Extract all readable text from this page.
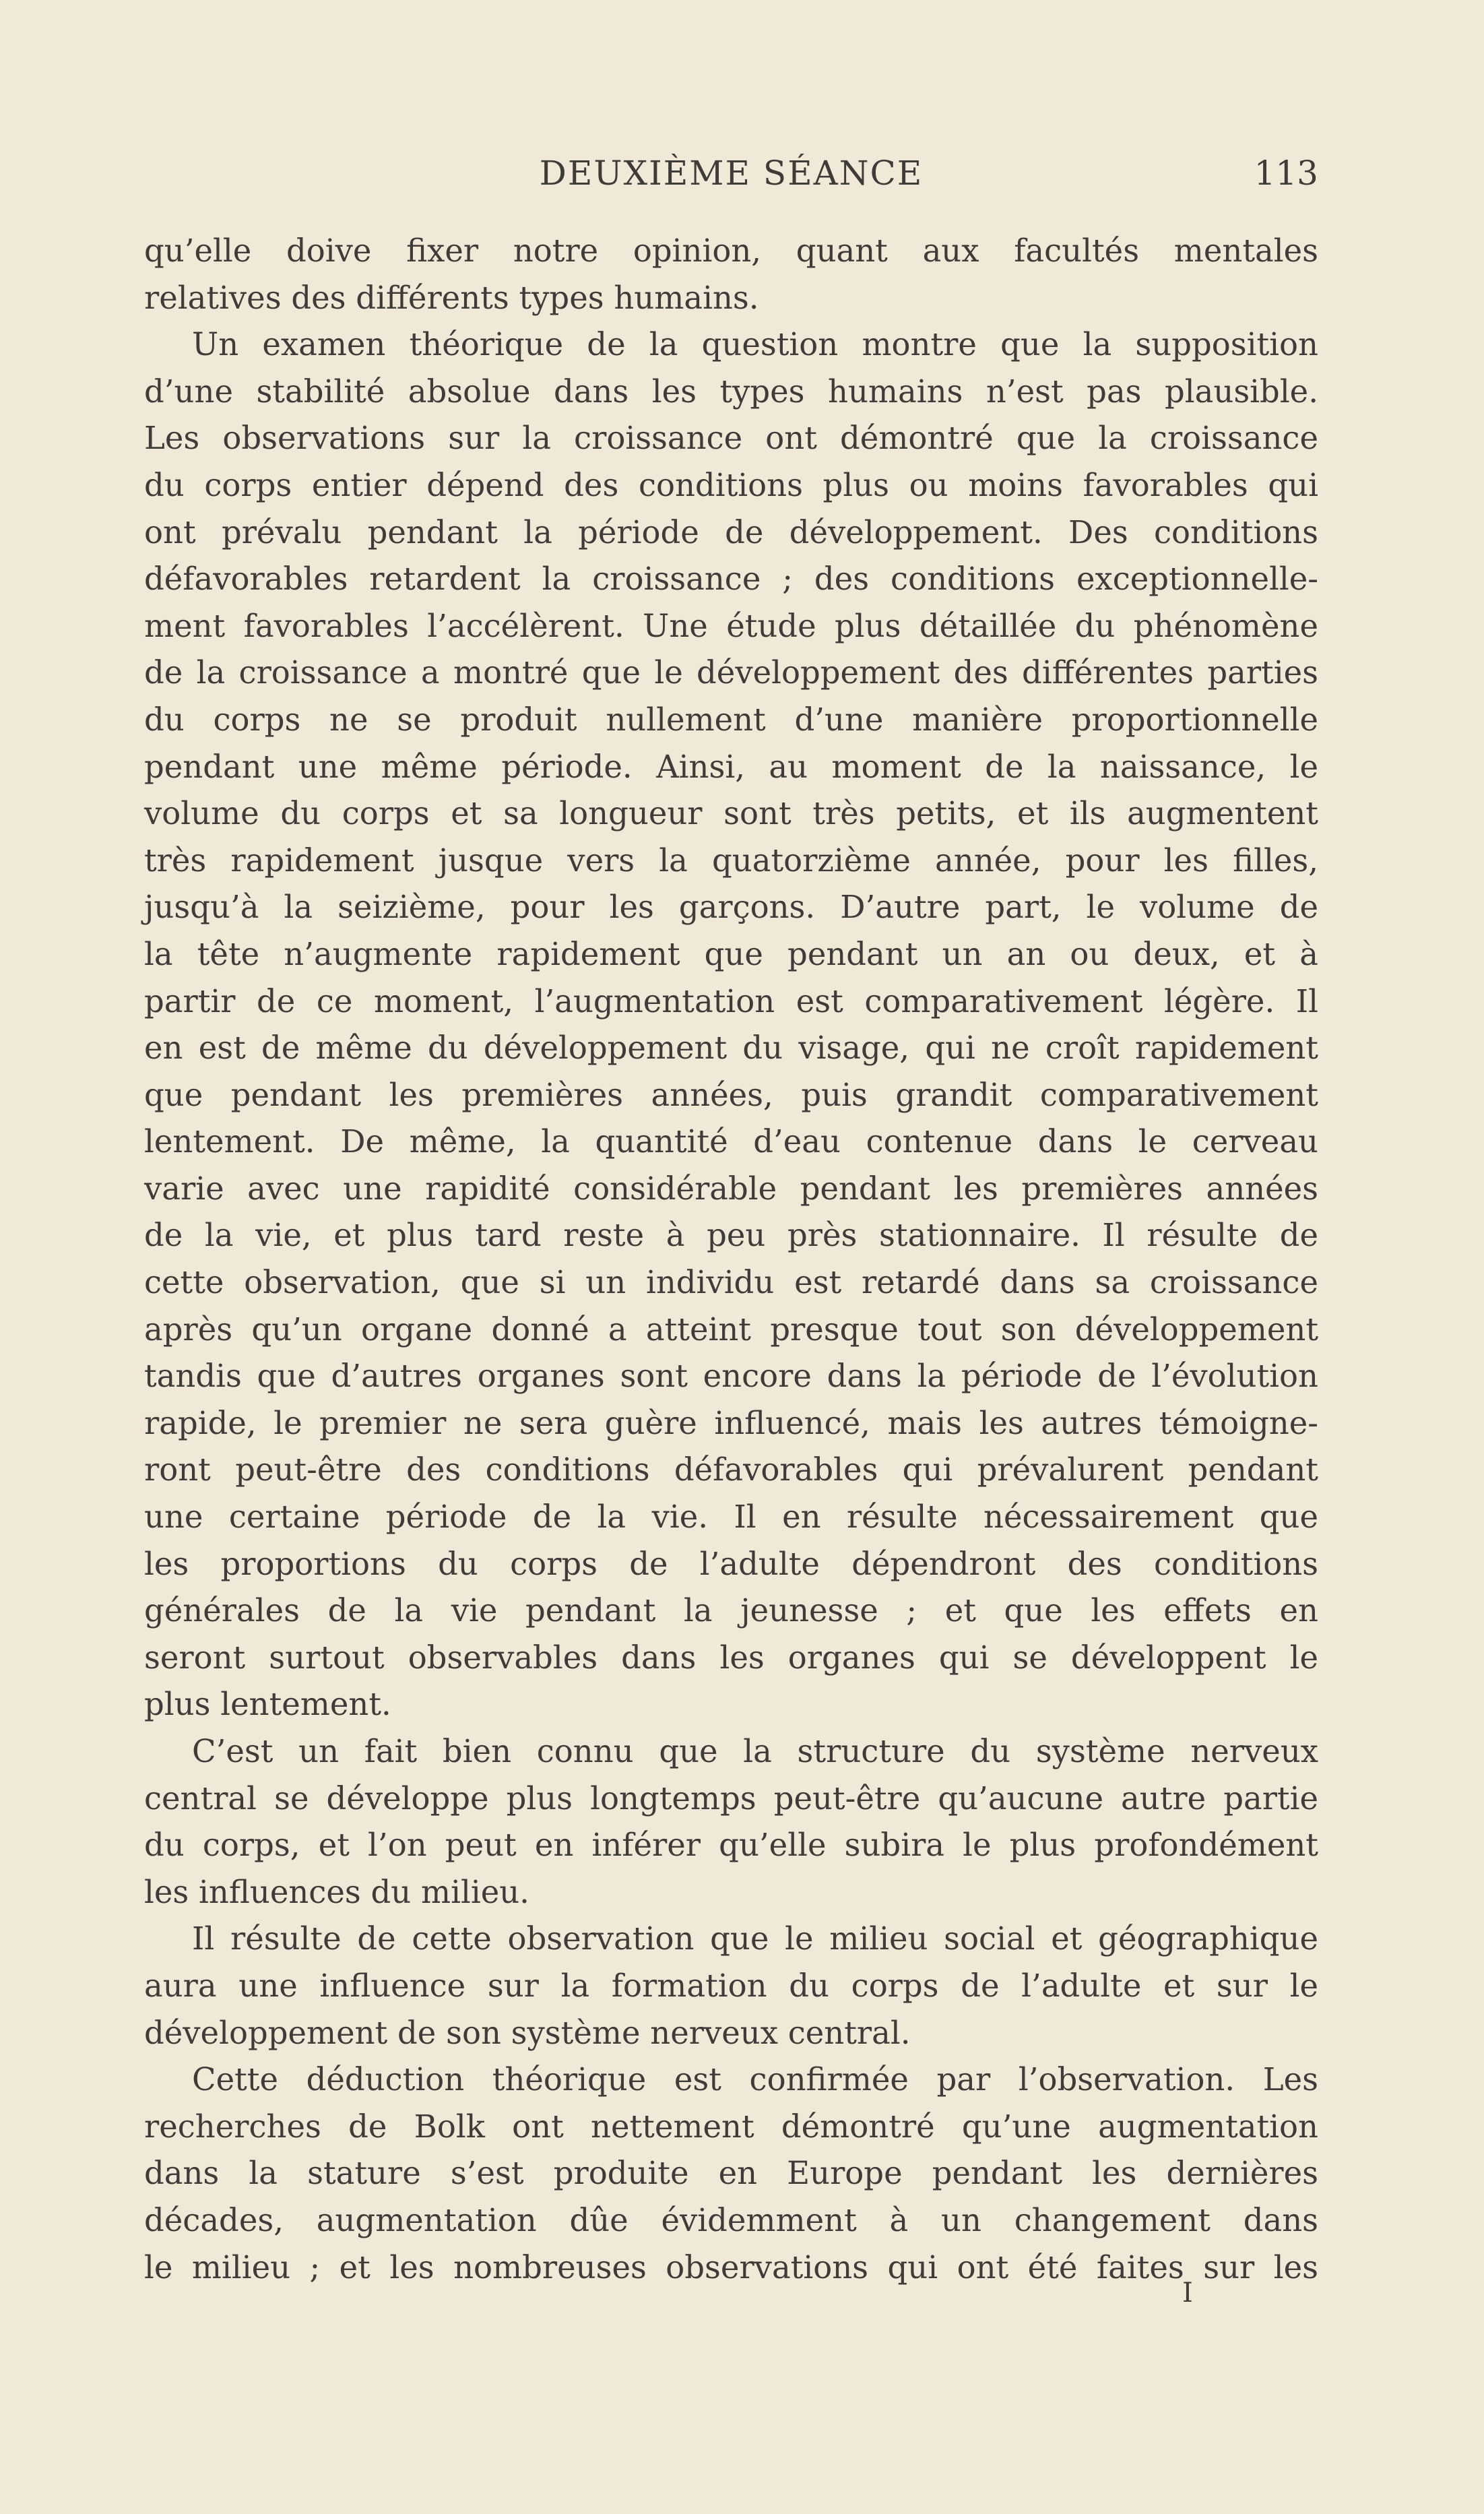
DEUXIÈME SÉANCE	113
qu’elle doive fixer notre opinion, quant aux facultés mentales
relatives des différents types humains.
Un examen théorique de la question montre que la supposition
d’une stabilité absolue dans les types humains n’est pas plausible.
Les observations sur la croissance ont démontré que la croissance
du corps entier dépend des conditions plus ou moins favorables qui
ont prévalu pendant la période de développement. Des conditions
défavorables retardent la croissance ; des conditions exceptionnelle-
ment favorables l’accélèrent. Une étude plus détaillée du phénomène
de la croissance a montré que le développement des différentes parties
du corps ne se produit nullement d’une manière proportionnelle
pendant une même période. Ainsi, au moment de la naissance, le
volume du corps et sa longueur sont très petits, et ils augmentent
très rapidement jusque vers la quatorzième année, pour les filles,
jusqu’à la seizième, pour les garçons. D’autre part, le volume de
la tête n’augmente rapidement que pendant un an ou deux, et à
partir de ce moment, l’augmentation est comparativement légère. Il
en est de même du développement du visage, qui ne croît rapidement
que pendant les premières années, puis grandit comparativement
lentement. De même, la quantité d’eau contenue dans le cerveau
varie avec une rapidité considérable pendant les premières années
de la vie, et plus tard reste à peu près stationnaire. Il résulte de
cette observation, que si un individu est retardé dans sa croissance
après qu’un organe donné a atteint presque tout son développement
tandis que d’autres organes sont encore dans la période de l’évolution
rapide, le premier ne sera guère influencé, mais les autres témoigne-
ront peut-être des conditions défavorables qui prévalurent pendant
une certaine période de la vie. Il en résulte nécessairement que
les proportions du corps de l’adulte dépendront des conditions
générales de la vie pendant la jeunesse ; et que les effets en
seront surtout observables dans les organes qui se développent le
plus lentement.
C’est un fait bien connu que la structure du système nerveux
central se développe plus longtemps peut-être qu’aucune autre partie
du corps, et l’on peut en inférer qu’elle subira le plus profondément
les influences du milieu.
Il résulte de cette observation que le milieu social et géographique
aura une influence sur la formation du corps de l’adulte et sur le
développement de son système nerveux central.
Cette déduction théorique est confirmée par l’observation. Les
recherches de Bolk ont nettement démontré qu’une augmentation
dans la stature s’est produite en Europe pendant les dernières
décades, augmentation dûe évidemment à un changement dans
le milieu ; et les nombreuses observations qui ont été faites sur les
I
